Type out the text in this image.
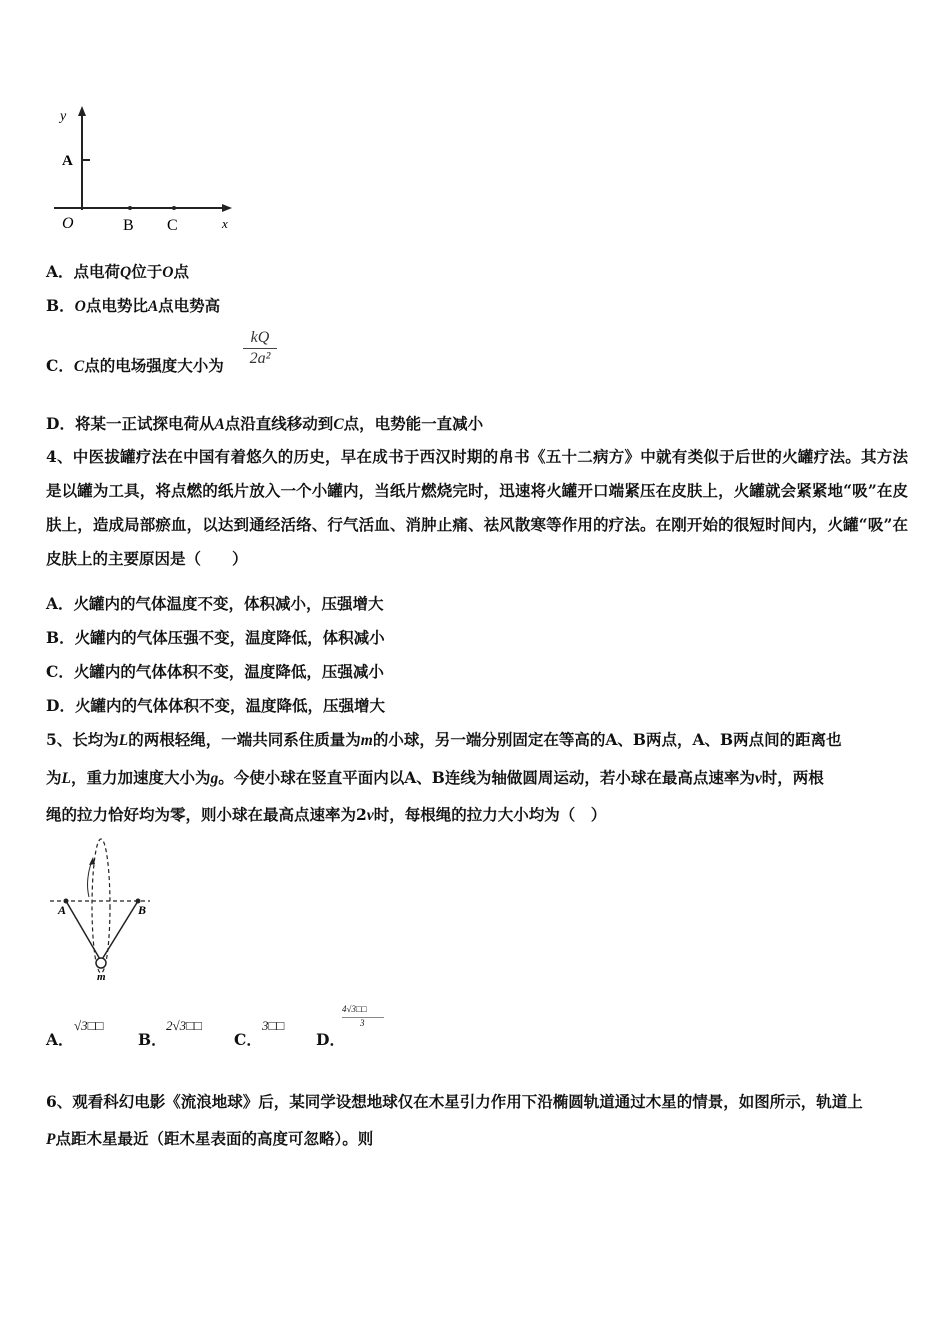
y
A
O	B C	x
A．点电荷Q位于O点
B．O点电势比A点电势高
C．C点的电场强度大小为
kQ
2a²
D．将某一正试探电荷从A点沿直线移动到C点，电势能一直减小
4、中医拔罐疗法在中国有着悠久的历史，早在成书于西汉时期的帛书《五十二病方》中就有类似于后世的火罐疗法。其方法是以罐为工具，将点燃的纸片放入一个小罐内，当纸片燃烧完时，迅速将火罐开口端紧压在皮肤上，火罐就会紧紧地“吸”在皮肤上，造成局部瘀血，以达到通经活络、行气活血、消肿止痛、祛风散寒等作用的疗法。在刚开始的很短时间内，火罐“吸”在皮肤上的主要原因是（　　）
A．火罐内的气体温度不变，体积减小，压强增大
B．火罐内的气体压强不变，温度降低，体积减小
C．火罐内的气体体积不变，温度降低，压强减小
D．火罐内的气体体积不变，温度降低，压强增大
5、长均为L的两根轻绳，一端共同系住质量为m的小球，另一端分别固定在等高的A、B两点，A、B两点间的距离也
为L，重力加速度大小为g。今使小球在竖直平面内以A、B连线为轴做圆周运动，若小球在最高点速率为v时，两根
绳的拉力恰好均为零，则小球在最高点速率为2v时，每根绳的拉力大小均为（　）
A	B
m
A．
√3□□
B．
2√3□□
C．
3□□
D．
4√3□□
3
6、观看科幻电影《流浪地球》后，某同学设想地球仅在木星引力作用下沿椭圆轨道通过木星的情景，如图所示，轨道上
P点距木星最近（距木星表面的高度可忽略）。则
